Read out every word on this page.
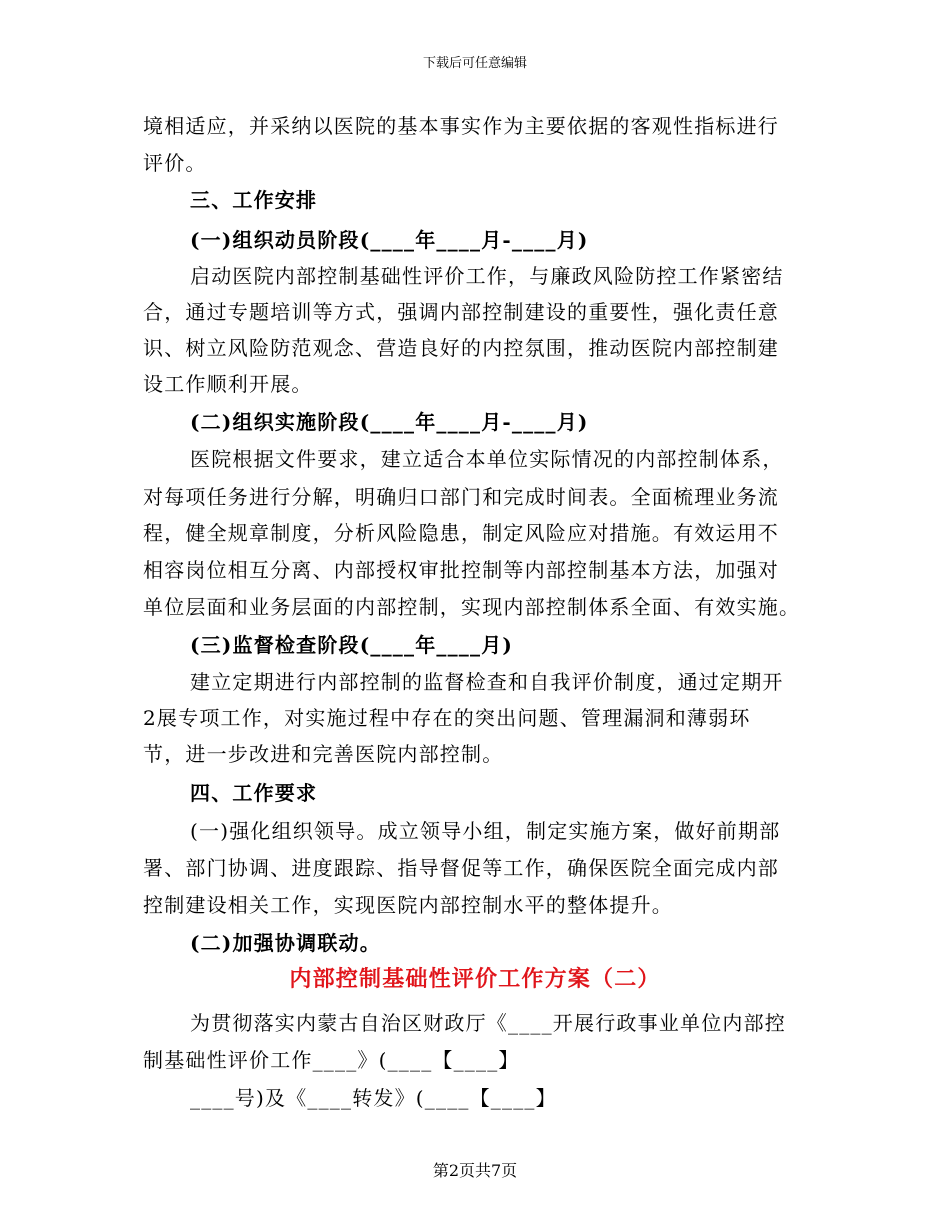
下载后可任意编辑
境相适应，并采纳以医院的基本事实作为主要依据的客观性指标进行
评价。
三、工作安排
(一)组织动员阶段(____年____月-____月)
启动医院内部控制基础性评价工作，与廉政风险防控工作紧密结
合，通过专题培训等方式，强调内部控制建设的重要性，强化责任意
识、树立风险防范观念、营造良好的内控氛围，推动医院内部控制建
设工作顺利开展。
(二)组织实施阶段(____年____月-____月)
医院根据文件要求，建立适合本单位实际情况的内部控制体系，
对每项任务进行分解，明确归口部门和完成时间表。全面梳理业务流
程，健全规章制度，分析风险隐患，制定风险应对措施。有效运用不
相容岗位相互分离、内部授权审批控制等内部控制基本方法，加强对
单位层面和业务层面的内部控制，实现内部控制体系全面、有效实施。
(三)监督检查阶段(____年____月)
建立定期进行内部控制的监督检查和自我评价制度，通过定期开
2展专项工作，对实施过程中存在的突出问题、管理漏洞和薄弱环
节，进一步改进和完善医院内部控制。
四、工作要求
(一)强化组织领导。成立领导小组，制定实施方案，做好前期部
署、部门协调、进度跟踪、指导督促等工作，确保医院全面完成内部
控制建设相关工作，实现医院内部控制水平的整体提升。
(二)加强协调联动。
内部控制基础性评价工作方案（二）
为贯彻落实内蒙古自治区财政厅《____开展行政事业单位内部控
制基础性评价工作____》(____【____】
____号)及《____转发》(____【____】
第2页共7页
